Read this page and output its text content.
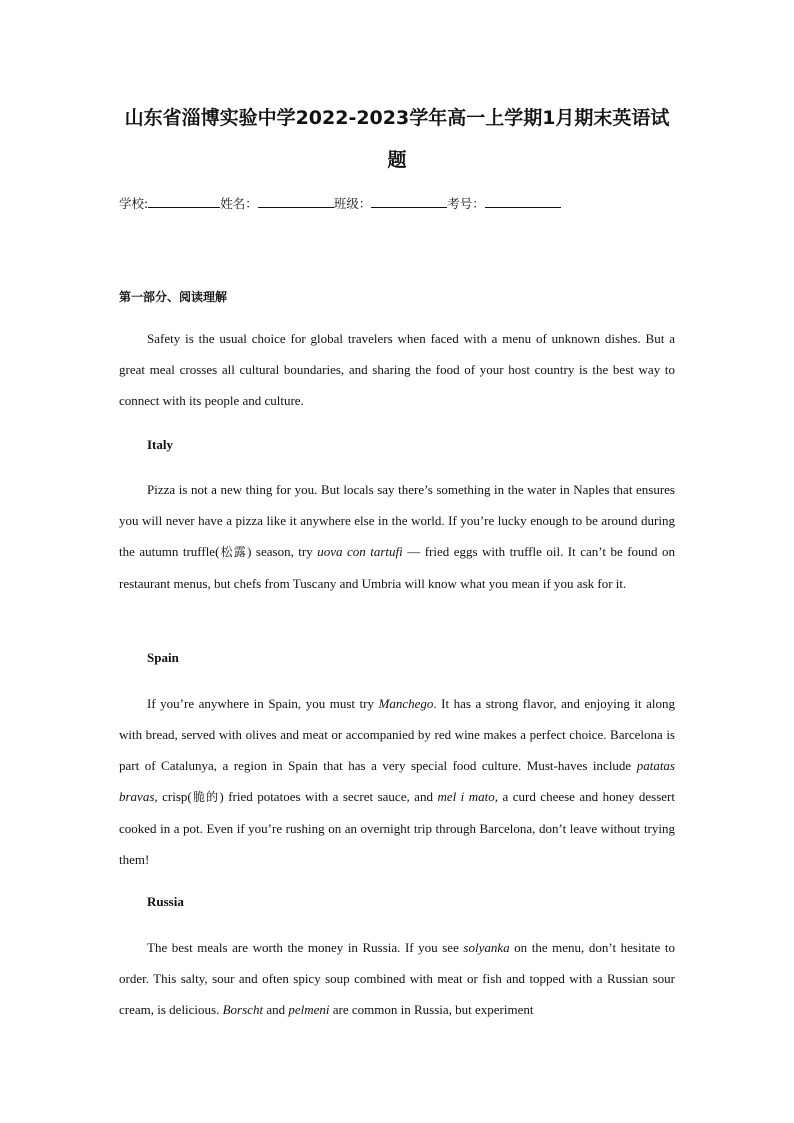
山东省淄博实验中学2022-2023学年高一上学期1月期末英语试
题
学校:	姓名：	班级：	考号：
第一部分、阅读理解

Safety is the usual choice for global travelers when faced with a menu of unknown dishes. But a great meal crosses all cultural boundaries, and sharing the food of your host country is the best way to connect with its people and culture.

Italy

Pizza is not a new thing for you. But locals say there’s something in the water in Naples that ensures you will never have a pizza like it anywhere else in the world. If you’re lucky enough to be around during the autumn truffle(松露) season, try uova con tartufi — fried eggs with truffle oil. It can’t be found on restaurant menus, but chefs from Tuscany and Umbria will know what you mean if you ask for it.

Spain

If you’re anywhere in Spain, you must try Manchego. It has a strong flavor, and enjoying it along with bread, served with olives and meat or accompanied by red wine makes a perfect choice. Barcelona is part of Catalunya, a region in Spain that has a very special food culture. Must-haves include patatas bravas, crisp(脆的) fried potatoes with a secret sauce, and mel i mato, a curd cheese and honey dessert cooked in a pot. Even if you’re rushing on an overnight trip through Barcelona, don’t leave without trying them!

Russia

The best meals are worth the money in Russia. If you see solyanka on the menu, don’t hesitate to order. This salty, sour and often spicy soup combined with meat or fish and topped with a Russian sour cream, is delicious. Borscht and pelmeni are common in Russia, but experiment
